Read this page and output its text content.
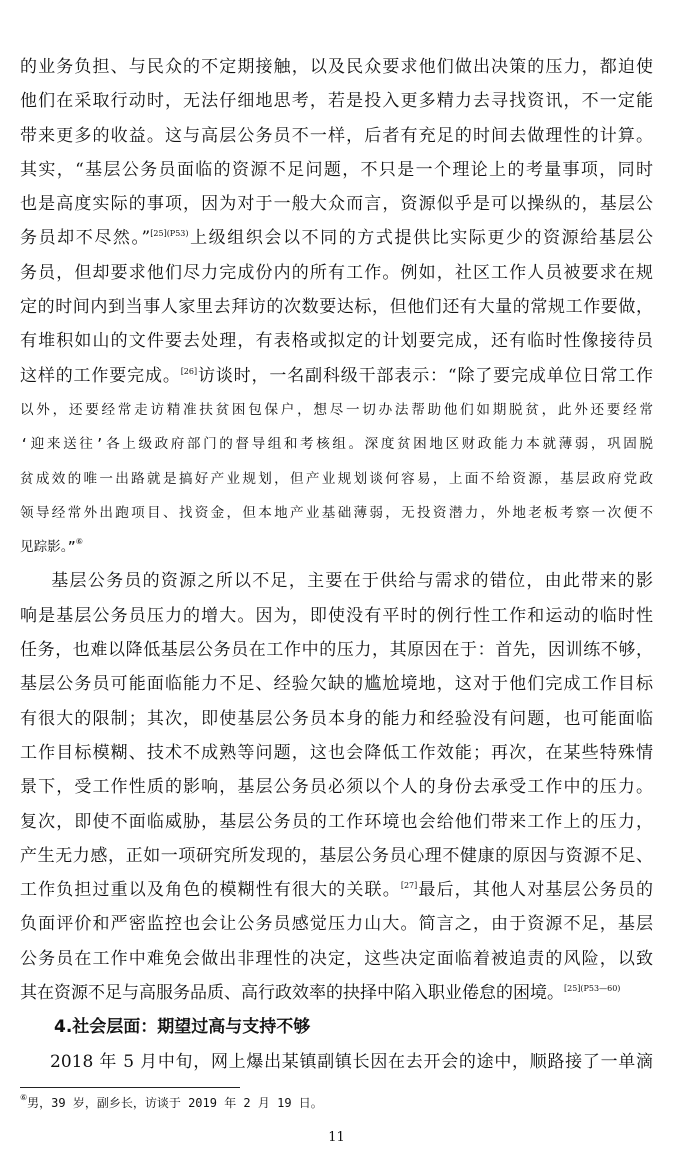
的业务负担、与民众的不定期接触，以及民众要求他们做出决策的压力，都迫使
他们在采取行动时，无法仔细地思考，若是投入更多精力去寻找资讯，不一定能
带来更多的收益。这与高层公务员不一样，后者有充足的时间去做理性的计算。
其实，“基层公务员面临的资源不足问题，不只是一个理论上的考量事项，同时
也是高度实际的事项，因为对于一般大众而言，资源似乎是可以操纵的，基层公
务员却不尽然。”$^{[25](P53)}$上级组织会以不同的方式提供比实际更少的资源给基层公
务员，但却要求他们尽力完成份内的所有工作。例如，社区工作人员被要求在规
定的时间内到当事人家里去拜访的次数要达标，但他们还有大量的常规工作要做，
有堆积如山的文件要去处理，有表格或拟定的计划要完成，还有临时性像接待员
这样的工作要完成。[26]访谈时，一名副科级干部表示：“除了要完成单位日常工作
以外，还要经常走访精准扶贫困包保户，想尽一切办法帮助他们如期脱贫，此外还要经常
‘迎来送往’各上级政府部门的督导组和考核组。深度贫困地区财政能力本就薄弱，巩固脱
贫成效的唯一出路就是搞好产业规划，但产业规划谈何容易，上面不给资源，基层政府党政
领导经常外出跑项目、找资金，但本地产业基础薄弱，无投资潜力，外地老板考察一次便不
见踪影。”⑥
基层公务员的资源之所以不足，主要在于供给与需求的错位，由此带来的影
响是基层公务员压力的增大。因为，即使没有平时的例行性工作和运动的临时性
任务，也难以降低基层公务员在工作中的压力，其原因在于：首先，因训练不够，
基层公务员可能面临能力不足、经验欠缺的尴尬境地，这对于他们完成工作目标
有很大的限制；其次，即使基层公务员本身的能力和经验没有问题，也可能面临
工作目标模糊、技术不成熟等问题，这也会降低工作效能；再次，在某些特殊情
景下，受工作性质的影响，基层公务员必须以个人的身份去承受工作中的压力。
复次，即使不面临威胁，基层公务员的工作环境也会给他们带来工作上的压力，
产生无力感，正如一项研究所发现的，基层公务员心理不健康的原因与资源不足、
工作负担过重以及角色的模糊性有很大的关联。[27]最后，其他人对基层公务员的
负面评价和严密监控也会让公务员感觉压力山大。简言之，由于资源不足，基层
公务员在工作中难免会做出非理性的决定，这些决定面临着被追责的风险，以致
其在资源不足与高服务品质、高行政效率的抉择中陷入职业倦怠的困境。$^{[25](P53—60)}$
4.社会层面：期望过高与支持不够
2018 年 5 月中旬，网上爆出某镇副镇长因在去开会的途中，顺路接了一单滴
⑥男，39 岁，副乡长，访谈于 2019 年 2 月 19 日。
11
